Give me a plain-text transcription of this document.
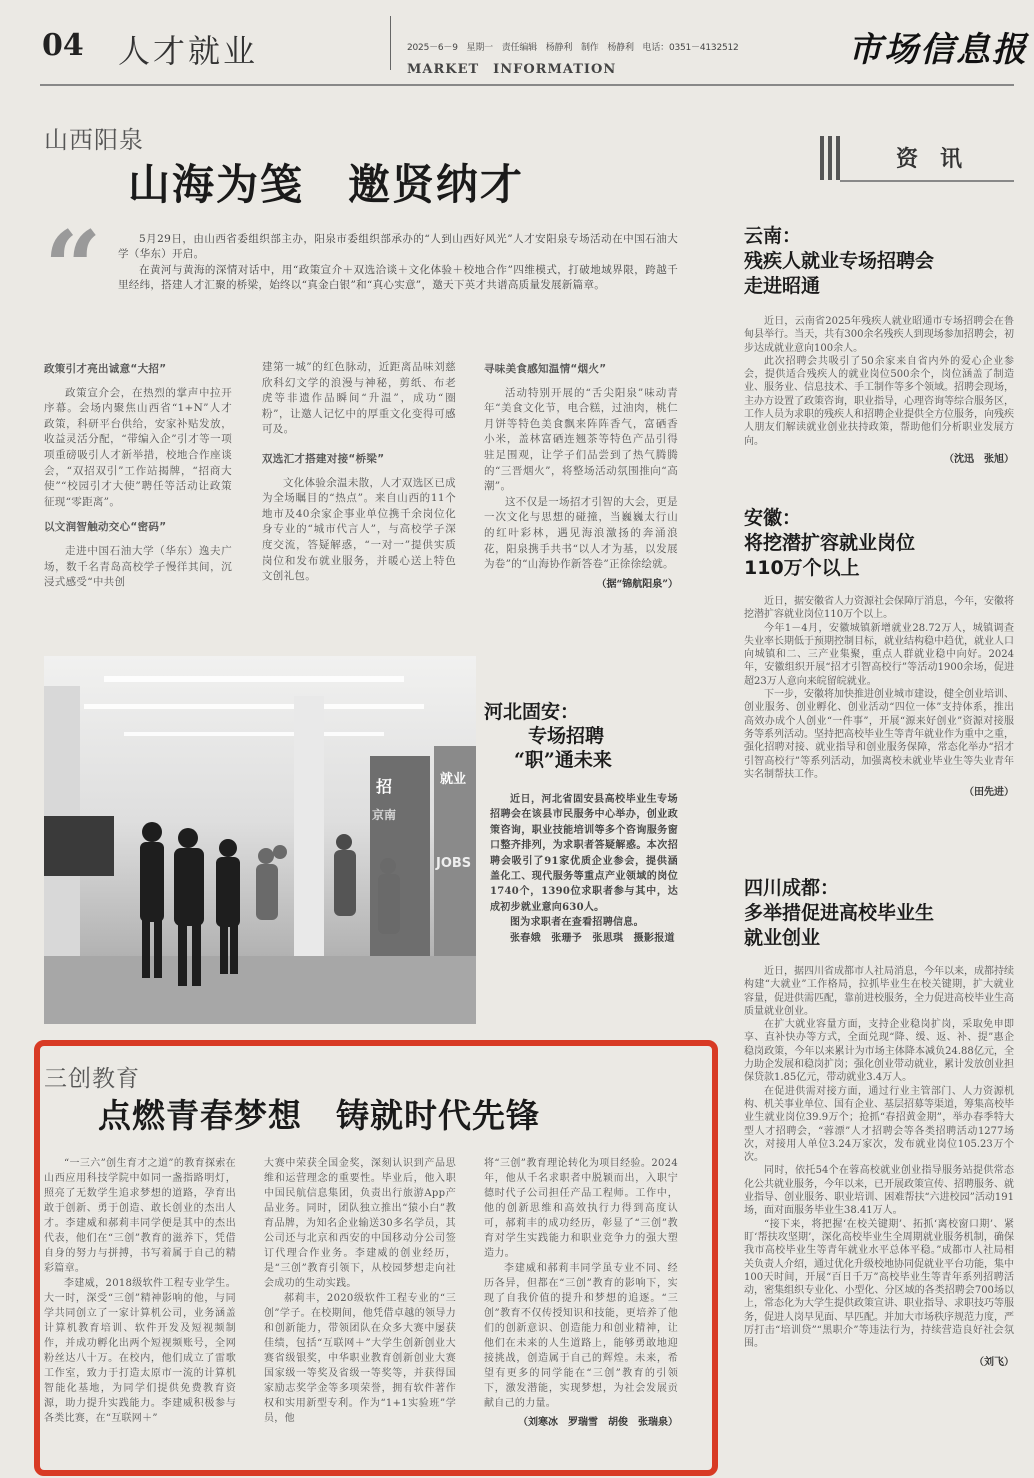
04 人才就业	2025－6－9　星期一　责任编辑　杨静利　制作　杨静利　电话：0351－4132512
MARKET　INFORMATION	市场信息报
山西阳泉
山海为笺　邀贤纳才
“	5月29日，由山西省委组织部主办，阳泉市委组织部承办的“人到山西好风光”人才安阳泉专场活动在中国石油大学（华东）开启。

在黄河与黄海的深情对话中，用“政策宣介＋双选洽谈＋文化体验＋校地合作”四维模式，打破地域界限，跨越千里经纬，搭建人才汇聚的桥梁，始终以“真金白银”和“真心实意”，邀天下英才共谱高质量发展新篇章。

政策引才亮出诚意“大招”

政策宣介会，在热烈的掌声中拉开序幕。会场内聚焦山西省“1+N”人才政策，科研平台供给，安家补贴发放，收益灵活分配，“带编入企”引才等一项项重磅吸引人才新举措，校地合作座谈会，“双招双引”工作站揭牌，“招商大使”“校园引才大使”聘任等活动让政策征现“零距离”。

以文润智触动交心“密码”

走进中国石油大学（华东）逸夫广场，数千名青岛高校学子慢徉其间，沉浸式感受“中共创

建第一城”的红色脉动，近距离品味刘慈欣科幻文学的浪漫与神秘，剪纸、布老虎等非遗作品瞬间“升温”，成功“圈粉”，让邀人记忆中的厚重文化变得可感可及。

双选汇才搭建对接“桥梁”

文化体验余温未散，人才双选区已成为全场瞩目的“热点”。来自山西的11个地市及40余家企事业单位携千余岗位化身专业的“城市代言人”，与高校学子深度交流，答疑解惑，“一对一”提供实质岗位和发布就业服务，并暖心送上特色文创礼包。

寻味美食感知温情“烟火”

活动特别开展的“舌尖阳泉”味动青年“美食文化节，电合糕，过油肉，桃仁月饼等特色美食飘来阵阵香气，富硒香小米，盖林富硒连翘茶等特色产品引得驻足围观，让学子们品尝到了热气腾腾的“三晋烟火”，将整场活动氛围推向“高潮”。

这不仅是一场招才引智的大会，更是一次文化与思想的碰撞，当巍巍太行山的红叶彩林，遇见海浪激扬的奔涌浪花，阳泉携手共书“以人才为基，以发展为卷”的“山海协作新答卷”正徐徐绘就。

（据“锦航阳泉”）
招
京南
JOBS
就业
河北固安：
专场招聘
“职”通未来

近日，河北省固安县高校毕业生专场招聘会在该县市民服务中心举办，创业政策咨询，职业技能培训等多个咨询服务窗口整齐排列，为求职者答疑解惑。本次招聘会吸引了91家优质企业参会，提供涵盖化工、现代服务等重点产业领域的岗位1740个，1390位求职者参与其中，达成初步就业意向630人。

图为求职者在查看招聘信息。

张春娥　张珊予　张思琪　摄影报道

三创教育
点燃青春梦想　铸就时代先锋

“一三六”创生育才之道”的教育探索在山西应用科技学院中如同一盏指路明灯，照亮了无数学生追求梦想的道路，孕育出敢于创新、勇于创造、敢长创业的杰出人才。李建威和郝莉丰同学便是其中的杰出代表，他们在“三创”教育的滋养下，凭借自身的努力与拼搏，书写着属于自己的精彩篇章。

李建威，2018级软件工程专业学生。大一时，深受“三创”精神影响的他，与同学共同创立了一家计算机公司，业务涵盖计算机教育培训、软件开发及短视频制作，并成功孵化出两个短视频账号，全网粉丝达八十万。在校内，他们成立了雷歌工作室，致力于打造太原市一流的计算机智能化基地，为同学们提供免费教育资源，助力提升实践能力。李建威积极参与各类比赛，在“互联网＋”

大赛中荣获全国金奖，深刻认识到产品思维和运营理念的重要性。毕业后，他入职中国民航信息集团，负责出行旅游App产品业务。同时，团队独立推出“猿小白”教育品牌，为知名企业输送30多名学员，其公司还与北京和西安的中国移动分公司签订代理合作业务。李建威的创业经历，是“三创”教育引领下，从校园梦想走向社会成功的生动实践。

郝莉丰，2020级软件工程专业的“三创”学子。在校期间，他凭借卓越的领导力和创新能力，带领团队在众多大赛中屡获佳绩，包括“互联网＋”大学生创新创业大赛省级银奖，中华职业教育创新创业大赛国家级一等奖及省级一等奖等，并获得国家励志奖学金等多项荣誉，拥有软件著作权和实用新型专利。作为“1+1实验班”学员，他

将“三创”教育理论转化为项目经验。2024年，他从千名求职者中脱颖而出，入职宁德时代子公司担任产品工程师。工作中，他的创新思维和高效执行力得到高度认可，郝莉丰的成功经历，彰显了“三创”教育对学生实践能力和职业竞争力的强大塑造力。

李建威和郝莉丰同学虽专业不同、经历各异，但都在“三创”教育的影响下，实现了自我价值的提升和梦想的追逐。“三创”教育不仅传授知识和技能，更培养了他们的创新意识、创造能力和创业精神，让他们在未来的人生道路上，能够勇敢地迎接挑战，创造属于自己的辉煌。未来，希望有更多的同学能在“三创”教育的引领下，激发潜能，实现梦想，为社会发展贡献自己的力量。

（刘寒冰　罗瑞雪　胡俊　张瑞泉）
资　讯
云南：
残疾人就业专场招聘会
走进昭通

近日，云南省2025年残疾人就业昭通市专场招聘会在鲁甸县举行。当天，共有300余名残疾人到现场参加招聘会，初步达成就业意向100余人。

此次招聘会共吸引了50余家来自省内外的爱心企业参会，提供适合残疾人的就业岗位500余个，岗位涵盖了制造业、服务业、信息技术、手工制作等多个领域。招聘会现场，主办方设置了政策咨询，职业指导，心理咨询等综合服务区，工作人员为求职的残疾人和招聘企业提供全方位服务，向残疾人朋友们解读就业创业扶持政策，帮助他们分析职业发展方向。

（沈迅　张旭）
安徽：
将挖潜扩容就业岗位
110万个以上

近日，据安徽省人力资源社会保障厅消息，今年，安徽将挖潜扩容就业岗位110万个以上。

今年1－4月，安徽城镇新增就业28.72万人，城镇调查失业率长期低于预期控制目标，就业结构稳中趋优，就业人口向城镇和二、三产业集聚，重点人群就业稳中向好。2024年，安徽组织开展“招才引智高校行”等活动1900余场，促进超23万人意向来皖留皖就业。

下一步，安徽将加快推进创业城市建设，健全创业培训、创业服务、创业孵化、创业活动“四位一体”支持体系，推出高效办成个人创业“一件事”，开展“源来好创业”资源对接服务等系列活动。坚持把高校毕业生等青年就业作为重中之重，强化招聘对接、就业指导和创业服务保障，常态化举办“招才引智高校行”等系列活动，加强离校未就业毕业生等失业青年实名制帮扶工作。

（田先进）
四川成都：
多举措促进高校毕业生
就业创业

近日，据四川省成都市人社局消息，今年以来，成都持续构建“大就业”工作格局，拉抓毕业生在校关键期，扩大就业容量，促进供需匹配，靠前进校服务，全力促进高校毕业生高质量就业创业。

在扩大就业容量方面，支持企业稳岗扩岗，采取免申即享、直补快办等方式，全面兑现“降、缓、返、补、提”惠企稳岗政策，今年以来累计为市场主体降本减负24.88亿元，全力助企发展和稳岗扩岗；强化创业带动就业，累计发放创业担保贷款1.85亿元，带动就业3.4万人。

在促进供需对接方面，通过行业主管部门、人力资源机构、机关事业单位、国有企业、基层招募等渠道，筹集高校毕业生就业岗位39.9万个；抢抓“春招黄金期”，举办春季特大型人才招聘会，“蓉漂”人才招聘会等各类招聘活动1277场次，对接用人单位3.24万家次，发布就业岗位105.23万个次。

同时，依托54个在蓉高校就业创业指导服务站提供常态化公共就业服务，今年以来，已开展政策宣传、招聘服务、就业指导、创业服务、职业培训、困难帮扶“六进校园”活动191场，面对面服务毕业生38.41万人。

“接下来，将把握‘在校关键期’、拓抓‘离校窗口期’、紧盯‘帮扶攻坚期’，深化高校毕业生全周期就业服务机制，确保我市高校毕业生等青年就业水平总体平稳。”成都市人社局相关负责人介绍，通过优化升级校地协同促就业平台功能，集中100天时间，开展“百日千万”高校毕业生等青年系列招聘活动，密集组织专业化、小型化、分区域的各类招聘会700场以上，常态化为大学生提供政策宣讲、职业指导、求职技巧等服务，促进人岗早见面、早匹配。并加大市场秩序规范力度，严厉打击“培训贷”“黑职介”等违法行为，持续营造良好社会氛围。

（刘飞）
